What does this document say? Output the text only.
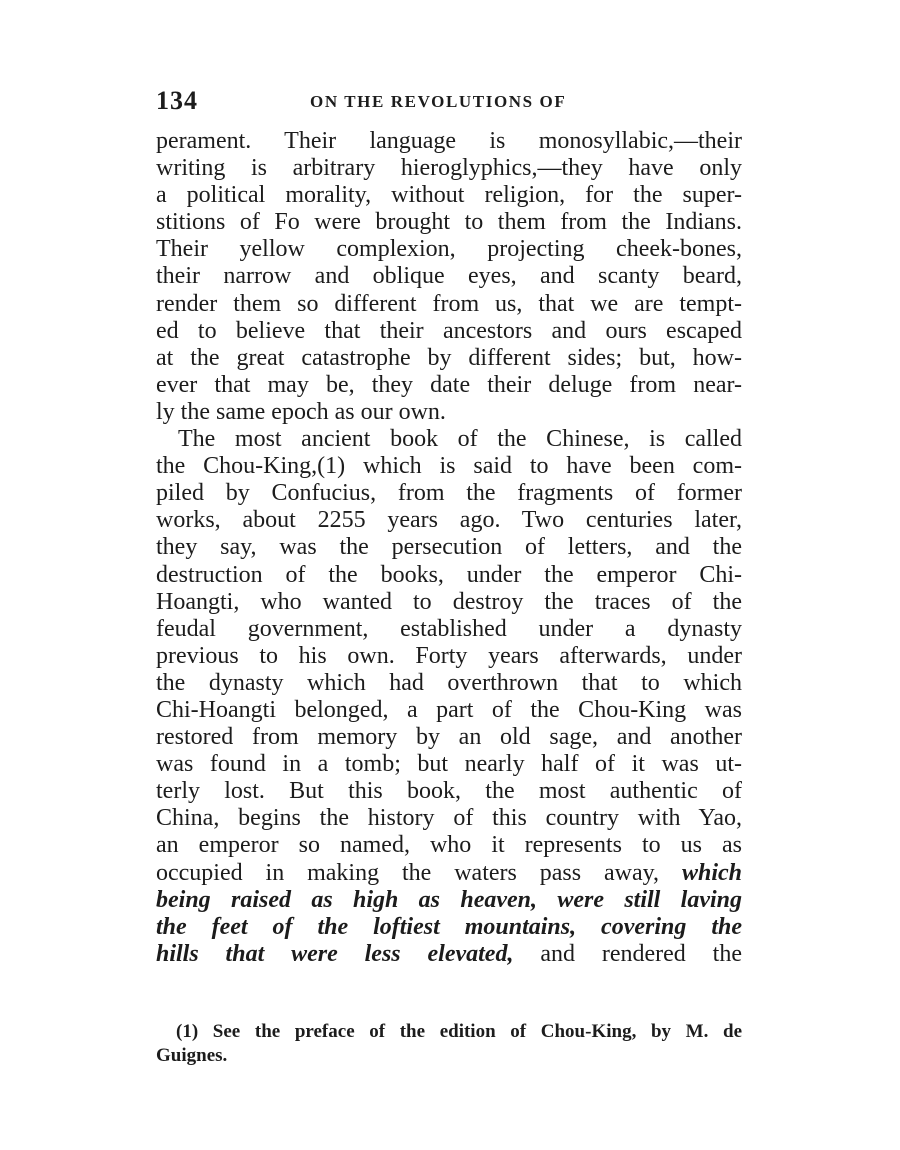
134	ON THE REVOLUTIONS OF
perament. Their language is monosyllabic,—their
writing is arbitrary hieroglyphics,—they have only
a political morality, without religion, for the super-
stitions of Fo were brought to them from the Indians.
Their yellow complexion, projecting cheek-bones,
their narrow and oblique eyes, and scanty beard,
render them so different from us, that we are tempt-
ed to believe that their ancestors and ours escaped
at the great catastrophe by different sides; but, how-
ever that may be, they date their deluge from near-
ly the same epoch as our own.
The most ancient book of the Chinese, is called
the Chou-King,(1) which is said to have been com-
piled by Confucius, from the fragments of former
works, about 2255 years ago. Two centuries later,
they say, was the persecution of letters, and the
destruction of the books, under the emperor Chi-
Hoangti, who wanted to destroy the traces of the
feudal government, established under a dynasty
previous to his own. Forty years afterwards, under
the dynasty which had overthrown that to which
Chi-Hoangti belonged, a part of the Chou-King was
restored from memory by an old sage, and another
was found in a tomb; but nearly half of it was ut-
terly lost. But this book, the most authentic of
China, begins the history of this country with Yao,
an emperor so named, who it represents to us as
occupied in making the waters pass away, which
being raised as high as heaven, were still laving
the feet of the loftiest mountains, covering the
hills that were less elevated, and rendered the
(1) See the preface of the edition of Chou-King, by M. de
Guignes.
